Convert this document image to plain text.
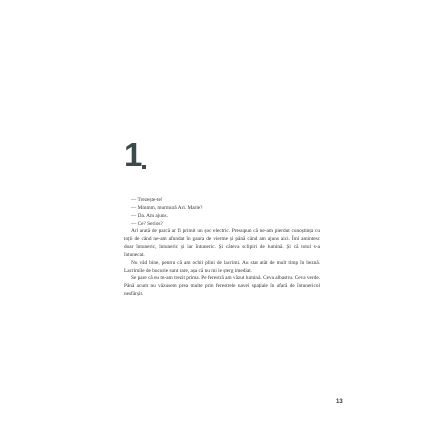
1

— Trezește-te!

— Mmmm, murmură Ari. Marie?

— Da. Am ajuns.

— Ce? Serios?

Ari arată de parcă ar fi primit un șoc electric. Presupun că ne-am pierdut cunoștința cu toții de când ne-am afundat în gaura de vierme și până când am ajuns aici. Îmi amintesc doar întuneric, întuneric și iar întuneric. Și câteva sclipiri de lumină. Și că totul s-a întunecat.

Nu văd bine, pentru că am ochii plini de lacrimi. Au stat atât de mult timp în beznă. Lacrimile de bucurie sunt rare, așa că nu mi le șterg imediat.

Se pare că eu m-am trezit prima. Pe ferestră am văzut lumină. Ceva albastru. Ceva verde. Până acum nu văzusem prea multe prin ferestrele navei spațiale în afară de întunericul nesfârșit.

13
